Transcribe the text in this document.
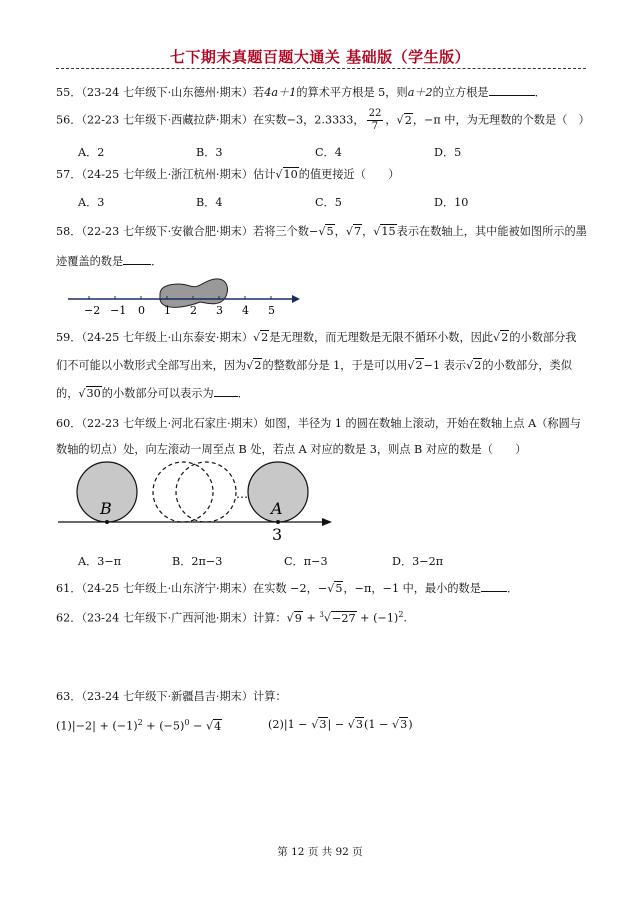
七下期末真题百题大通关 基础版（学生版）
55．（23-24 七年级下·山东德州·期末）若4a＋1的算术平方根是 5，则a＋2的立方根是	．
56．（22-23 七年级下·西藏拉萨·期末）在实数−3，2.3333， $\frac{22}{7}$ ，√2，−π 中，为无理数的个数是（　）
A．2	B．3	C．4	D．5
57．（24-25 七年级上·浙江杭州·期末）估计√10的值更接近（　　）
A．3	B．4	C．5	D．10
58．（22-23 七年级下·安徽合肥·期末）若将三个数−√5，√7，√15表示在数轴上，其中能被如图所示的墨
迹覆盖的数是	．
−2 −1 0 1 2 3 4 5
59．（24-25 七年级上·山东泰安·期末）√2是无理数，而无理数是无限不循环小数，因此√2的小数部分我
们不可能以小数形式全部写出来，因为√2的整数部分是 1，于是可以用√2−1 表示√2的小数部分，类似
的，√30的小数部分可以表示为 ．
60．（22-23 七年级上·河北石家庄·期末）如图，半径为 1 的圆在数轴上滚动，开始在数轴上点 A（称圆与
数轴的切点）处，向左滚动一周至点 B 处，若点 A 对应的数是 3，则点 B 对应的数是（　　）
…
B	A
3
A．3−π	B．2π−3	C．π−3	D．3−2π
61．（24-25 七年级上·山东济宁·期末）在实数 −2，−√5，−π，−1 中，最小的数是 ．
62．（23-24 七年级下·广西河池·期末）计算：$√9 + ^3√-27 + (-1)^2$.
63．（23-24 七年级下·新疆昌吉·期末）计算：
$(1)|-2| + (-1)^2 + (-5)^0 - √4$	(2)|1 − √3| − √3(1 − √3)
第 12 页 共 92 页
